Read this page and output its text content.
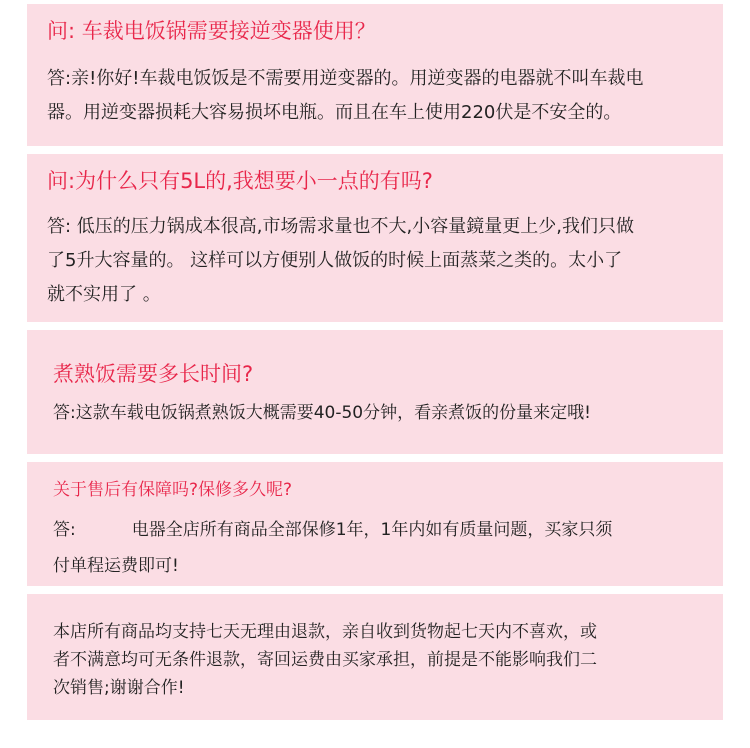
问: 车裁电饭锅需要接逆变器使用？
答:亲!你好!车裁电饭饭是不需要用逆变器的。用逆变器的电器就不叫车裁电
器。用逆变器损耗大容易损坏电瓶。而且在车上使用220伏是不安全的。
问:为什么只有5L的,我想要小一点的有吗?
答: 低压的压力锅成本很高,市场需求量也不大,小容量鏡量更上少,我们只做
了5升大容量的。 这样可以方便别人做饭的时候上面蒸菜之类的。太小了
就不实用了 。
煮熟饭需要多长时间?
答:这款车载电饭锅煮熟饭大概需要40-50分钟，看亲煮饭的份量来定哦!
关于售后有保障吗?保修多久呢?
答:	电器全店所有商品全部保修1年，1年内如有质量问题，买家只须
付单程运费即可!
本店所有商品均支持七天无理由退款，亲自收到货物起七天内不喜欢，或
者不满意均可无条件退款，寄回运费由买家承担，前提是不能影响我们二
次销售;谢谢合作!
